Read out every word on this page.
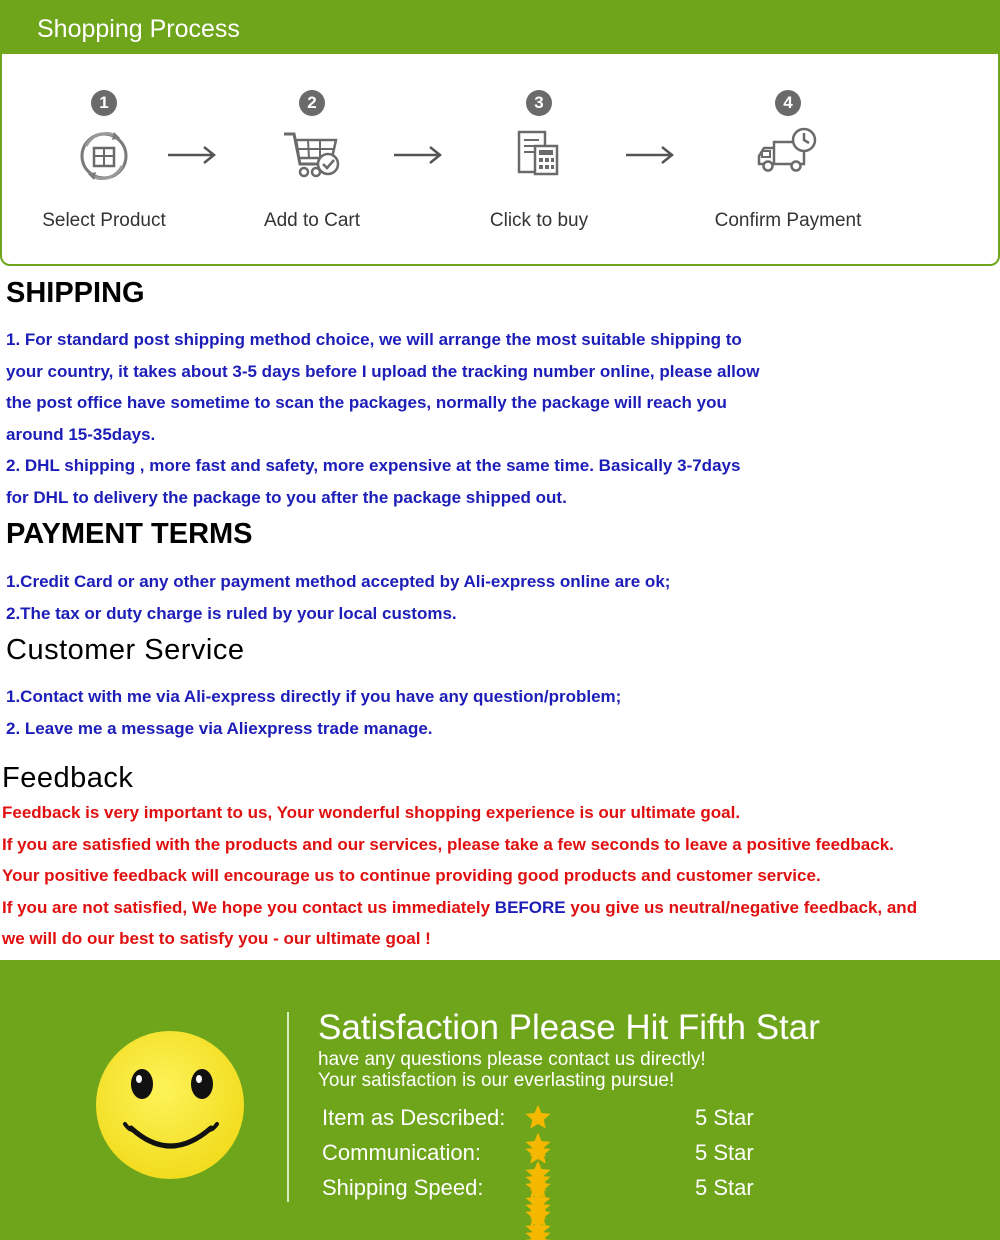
Shopping Process
1
Select Product
2
Add to Cart
3
Click to buy
4
Confirm Payment
SHIPPING
1. For standard post shipping method choice, we will arrange the most suitable shipping to
your country, it takes about 3-5 days before I upload the tracking number online, please allow
the post office have sometime to scan the packages, normally the package will reach you
around 15-35days.
2. DHL shipping , more fast and safety, more expensive at the same time. Basically 3-7days
for DHL to delivery the package to you after the package shipped out.
PAYMENT TERMS
1.Credit Card or any other payment method accepted by Ali-express online are ok;
2.The tax or duty charge is ruled by your local customs.
Customer Service
1.Contact with me via Ali-express directly if you have any question/problem;
2. Leave me a message via Aliexpress trade manage.
Feedback
Feedback is very important to us, Your wonderful shopping experience is our ultimate goal.
If you are satisfied with the products and our services, please take a few seconds to leave a positive feedback.
Your positive feedback will encourage us to continue providing good products and customer service.
If you are not satisfied, We hope you contact us immediately BEFORE you give us neutral/negative feedback, and
we will do our best to satisfy you - our ultimate goal !
Satisfaction Please Hit Fifth Star
have any questions please contact us directly!
Your satisfaction is our everlasting pursue!
Item as Described:	5 Star
Communication:	5 Star
Shipping Speed:	5 Star
